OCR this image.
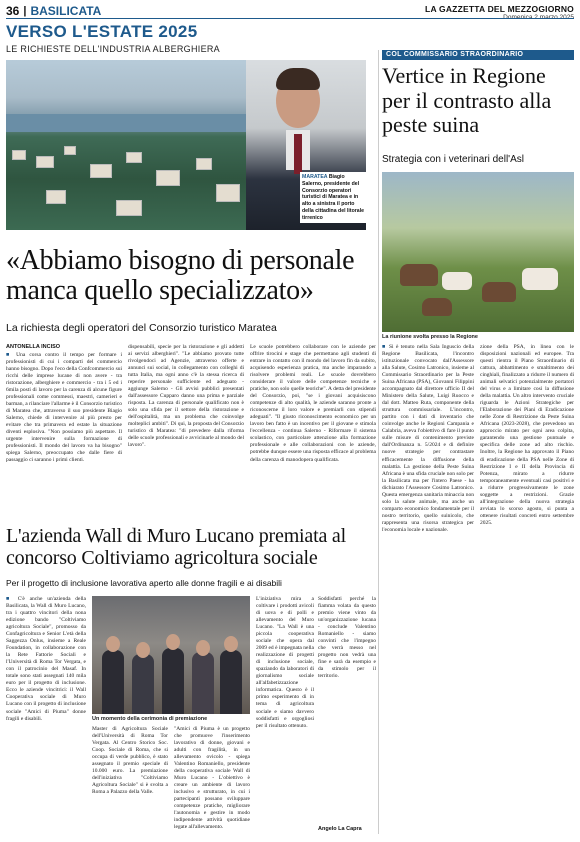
36 | BASILICATA	LA GAZZETTA DEL MEZZOGIORNO
VERSO L'ESTATE 2025
LE RICHIESTE DELL'INDUSTRIA ALBERGHIERA
MARATEA Biagio Salerno, presidente del Consorzio operatori turistici di Maratea e in alto a sinistra il porto della cittadina del litorale tirrenico
COL COMMISSARIO STRAORDINARIO
Vertice in Regione per il contrasto alla peste suina
Strategia con i veterinari dell'Asl
La riunione svolta presso la Regione
«Abbiamo bisogno di personale manca quello specializzato»
La richiesta degli operatori del Consorzio turistico Maratea
ANTONELLA INCISO
■ Una corsa contro il tempo per formare i professionisti di cui i comparti del commercio hanno bisogno. Dopo l'eco della Confcommercio sui ricchi delle imprese lucane di non avere - tra ristorazione, alberghiere e commercio - tra i 5 ed i 6mila posti di lavoro per la carenza di alcune figure professionali come commessi, maestri, camerieri e barman, a rilanciare l'allarme è il Consorzio turistico di Maratea che, attraverso il suo presidente Biagio Salerno, chiede di intervenire al più presto per evitare che tra primavera ed estate la situazione diventi esplosiva. "Non possiamo più aspettare. Il urgente intervenire sulla formazione di professionisti. Il mondo del lavoro va ha bisogno" spiega Salerno, preoccupato che dalle fiere di passaggio ci saranno i primi clienti.
dispensabili, specie per la ristorazione e gli addetti ai servizi alberghieri". "Le abbiamo provato tutte rivolgendoci ad Agenzie, attraverso offerte e annunci sui social, in collegamento con colleghi di tutta Italia, ma ogni anno c'è la stessa ricerca di reperire personale sufficiente ed adeguato - aggiunge Salerno - Gli avvisi pubblici presentati dall'assessore Cupparo danno una prima e parziale risposta. La carenza di personale qualificato non è solo una sfida per il settore della ristorazione e dell'ospitalità, ma un problema che coinvolge molteplici ambiti". Di qui, la proposta del Consorzio turistico di Maratea: "di prevedere dalla riforma delle scuole professionali e avvicinarle al mondo del lavoro".
Le scuole potrebbero collaborare con le aziende per offrire tirocini e stage che permettano agli studenti di entrare in contatto con il mondo del lavoro fin da subito, acquisendo esperienza pratica, ma anche imparando a risolvere problemi reali. Le scuole dovrebbero considerare il valore delle competenze tecniche e pratiche, non solo quelle teoriche". A detta del presidente del Consorzio, poi, "se i giovani acquisiscono competenze di alto qualità, le aziende saranno pronte a riconoscerne il loro valore e premiarli con stipendi adeguati". "Il giusto riconoscimento economico per un lavoro ben fatto è un incentivo per il giovane e stimola l'eccellenza - continua Salerno - Riformare il sistema scolastico, con particolare attenzione alla formazione professionale e alle collaborazioni con le aziende, potrebbe dunque essere una risposta efficace al problema della carenza di manodopera qualificata.
■ Si è tenuto nella Sala Inguscio della Regione Basilicata, l'incontro istituzionale convocato dall'Assessore alla Salute, Cosimo Latronico, insieme al Commissario Straordinario per la Peste Suina Africana (PSA), Giovanni Filippini accompagnato dal direttore ufficio II del Ministero della Salute, Luigi Ruocco e dal dott. Matteo Ruta, componente della struttura commissariale. L'incontro, partito con i dati di inventario che coinvolge anche le Regioni Campania e Calabria, aveva l'obiettivo di fare il punto sulle misure di contenimento previste dall'Ordinanza n. 5/2024 e di definire nuove strategie per contrastare efficacemente la diffusione della malattia. La gestione della Peste Suina Africana è una sfida cruciale non solo per la Basilicata ma per l'intero Paese - ha dichiarato l'Assessore Cosimo Latronico. Questa emergenza sanitaria minaccia non solo la salute animale, ma anche un comparto economico fondamentale per il nostro territorio, quello suinicolo, che rappresenta una risorsa strategica per l'economia locale e nazionale.
zione della PSA, in linea con le disposizioni nazionali ed europee. Tra questi rientra il Piano Straordinario di cattura, abbattimento e smaltimento dei cinghiali, finalizzato a ridurre il numero di animali selvatici potenzialmente portatori del virus e a limitare così la diffusione della malattia. Un altro intervento cruciale riguarda le Azioni Strategiche per l'Elaborazione dei Piani di Eradicazione nelle Zone di Restrizione da Peste Suina Africana (2023-2028), che prevedono un approccio mirato per ogni area colpita, garantendo una gestione puntuale e specifica delle zone ad alto rischio. Inoltre, la Regione ha approvato il Piano di eradicazione della PSA nelle Zone di Restrizione I e II della Provincia di Potenza, mirato a ridurre temporaneamente eventuali casi positivi e a ridurre progressivamente le zone soggette a restrizioni. Grazie all'integrazione della nuova strategia avviata lo scorso agosto, si punta a ottenere risultati concreti entro settembre 2025.
L'azienda Wall di Muro Lucano premiata al concorso Coltiviamo agricoltura sociale
Per il progetto di inclusione lavorativa aperto alle donne fragili e ai disabili
■ C'è anche un'azienda della Basilicata, la Wall di Muro Lucano, tra i quattro vincitori della nona edizione bando "Coltiviamo agricoltura Sociale", promosso da Confagricoltura e Senior L'età della Saggezza Onlus, insieme a Reale Foundation, in collaborazione con la Rete Fattorie Sociali e l'Università di Roma Tor Vergata, e con il patrocinio del Masaf. In totale sono stati assegnati 140 mila euro per il progetto di inclusione. Ecco le aziende vincitrici: il Wall Cooperativa sociale di Muro Lucano con il progetto di inclusione sociale "Amici di Piuma" donne fragili e disabili.	Un momento della cerimonia di premiazione
Master di Agricoltura Sociale dell'Università di Roma Tor Vergata. Al Centro Storico Soc. Coop. Sociale di Roma, che si occupa di verde pubblico, è stato assegnato il premio speciale di 10.000 euro. La premiazione dell'iniziativa "Coltiviamo Agricoltura Sociale" si è svolta a Roma a Palazzo della Valle.
"Amici di Piuma è un progetto che promuove l'inserimento lavorativo di donne, giovani e adulti con fragilità, in un allevamento ovicolo - spiega Valentino Romaniello, presidente della cooperativa sociale Wall di Muro Lucano - L'obiettivo è creare un ambiente di lavoro inclusivo e strutturato, in cui i partecipanti possano sviluppare competenze pratiche, migliorare l'autonomia e gestire in modo indipendente attività quotidiane legate all'allevamento.
L'iniziativa mira a coltivare i prodotti avicoli di uova e di polli e allevamento del Muro Lucano. "La Wall è una piccola cooperativa sociale che opera dal 2009 ed è impegnata nella realizzazione di progetti di inclusione sociale, spaziando da laboratori di giornalismo sociale all'alfabetizzazione informatica. Questo è il primo esperimento di in tema di agricoltura sociale e siamo davvero soddisfatti e orgogliosi per il risultato ottenuto.
Soddisfatti perché la fiamma volata da questo premio viene vinto da un'organizzazione lucana - conclude Valentino Romaniello - siamo convinti che l'impegno che verrà messo nel progetto non vedrà una fine e sarà da esempio e da stimolo per il territorio.
Angelo La Capra
